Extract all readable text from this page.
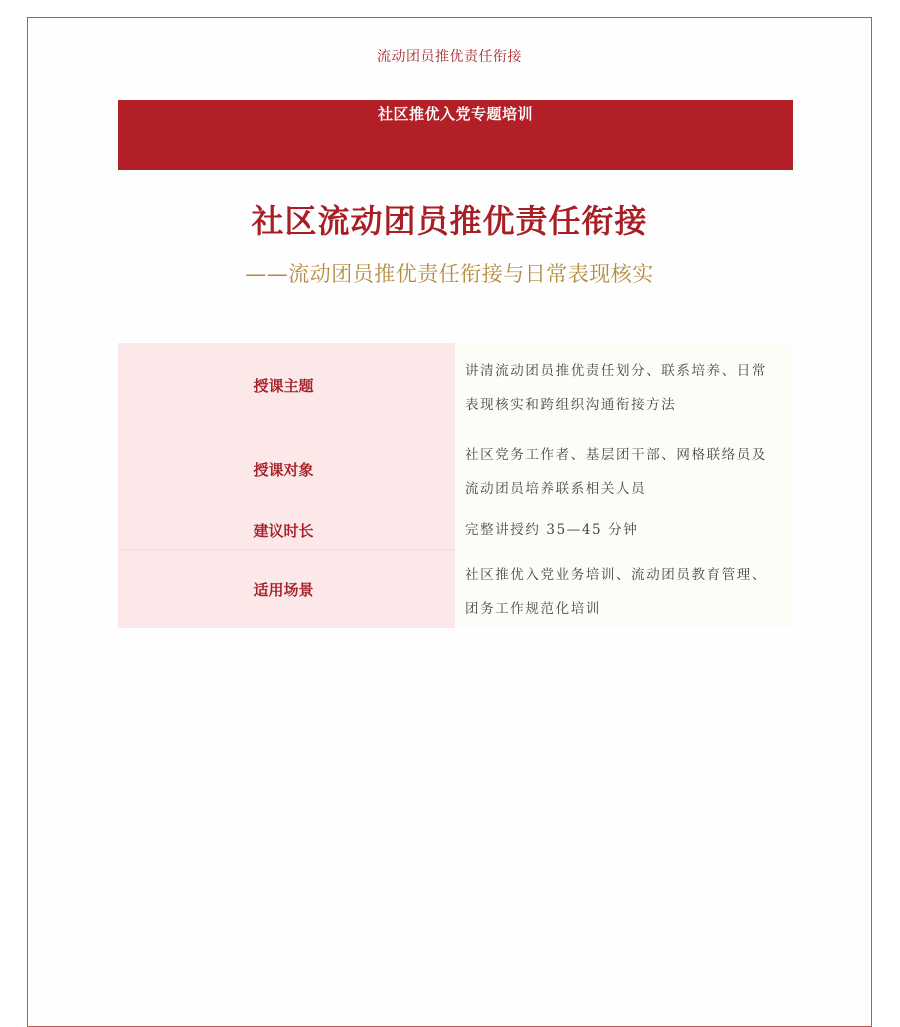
流动团员推优责任衔接
社区推优入党专题培训
社区流动团员推优责任衔接
——流动团员推优责任衔接与日常表现核实
授课主题
讲清流动团员推优责任划分、联系培养、日常表现核实和跨组织沟通衔接方法
授课对象
社区党务工作者、基层团干部、网格联络员及流动团员培养联系相关人员
建议时长	完整讲授约 35—45 分钟
适用场景
社区推优入党业务培训、流动团员教育管理、团务工作规范化培训
